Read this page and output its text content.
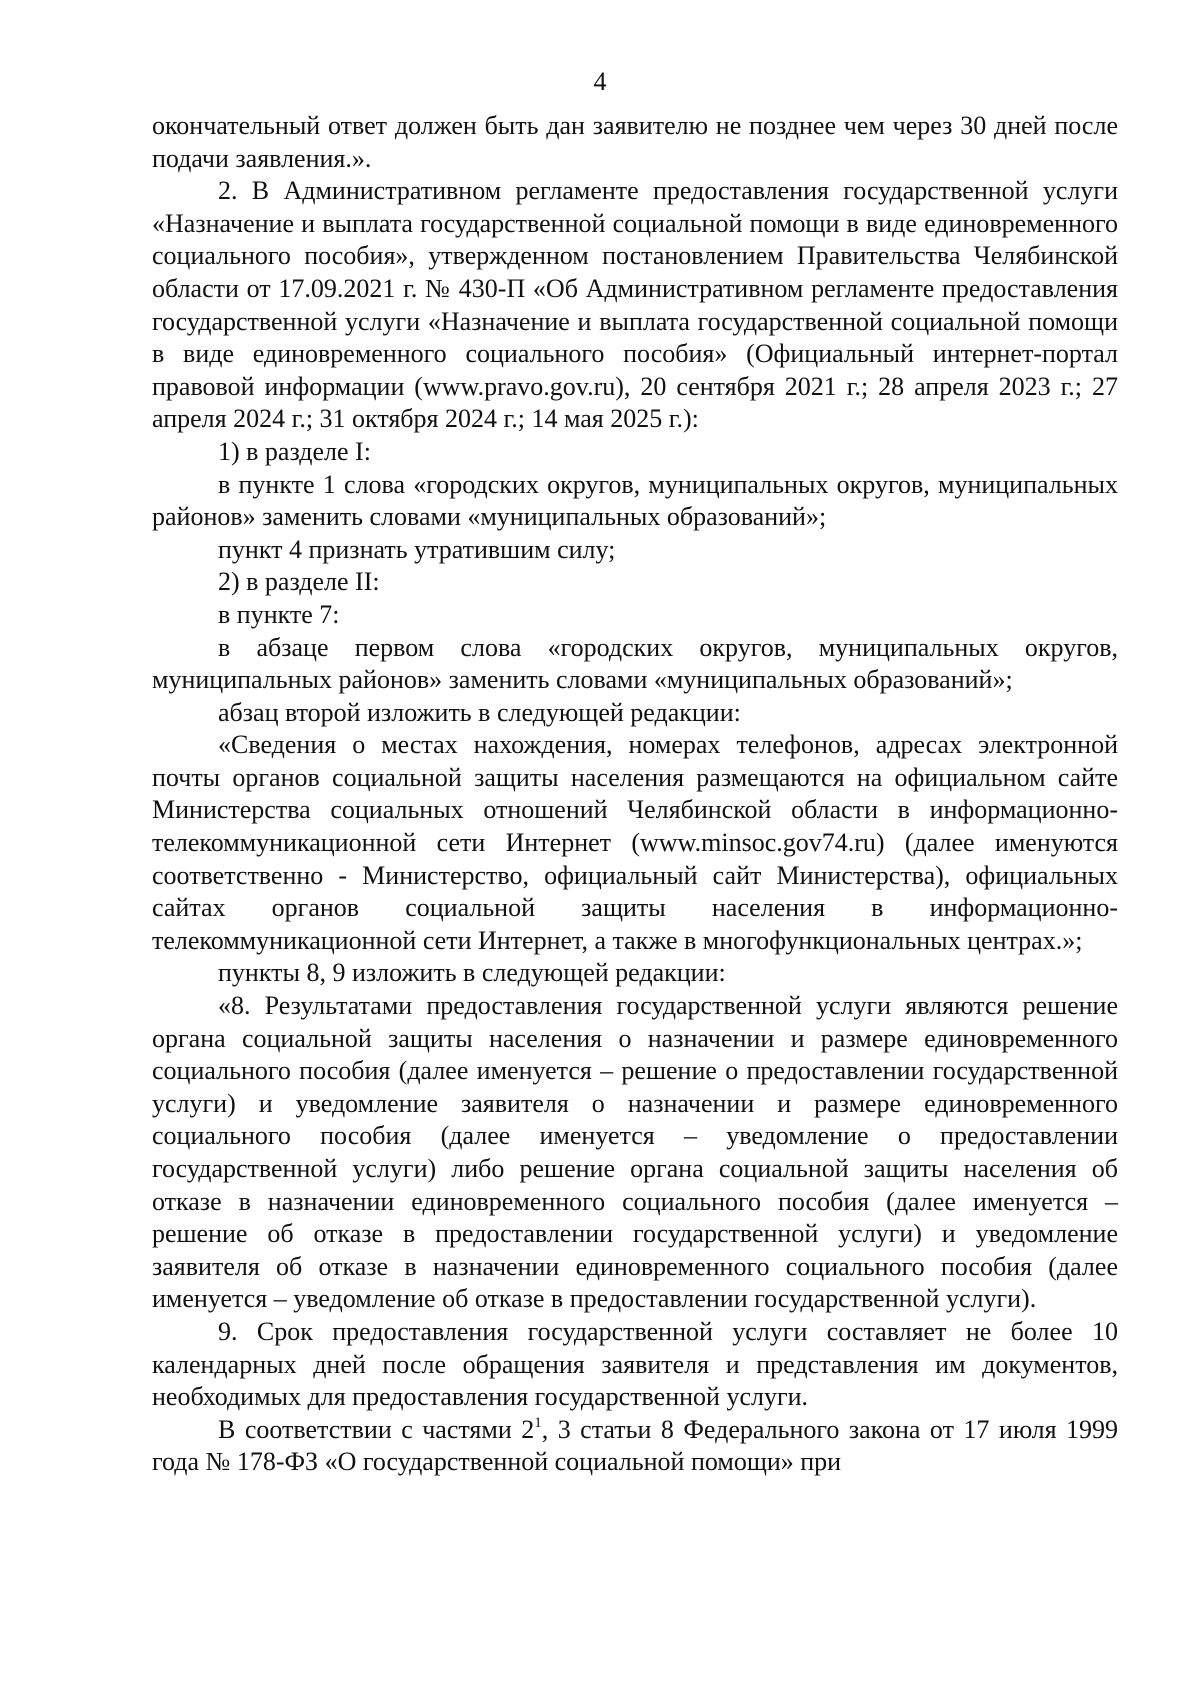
4

окончательный ответ должен быть дан заявителю не позднее чем через 30 дней после подачи заявления.».

2. В Административном регламенте предоставления государственной услуги «Назначение и выплата государственной социальной помощи в виде единовременного социального пособия», утвержденном постановлением Правительства Челябинской области от 17.09.2021 г. № 430-П «Об Административном регламенте предоставления государственной услуги «Назначение и выплата государственной социальной помощи в виде единовременного социального пособия» (Официальный интернет-портал правовой информации (www.pravo.gov.ru), 20 сентября 2021 г.; 28 апреля 2023 г.; 27 апреля 2024 г.; 31 октября 2024 г.; 14 мая 2025 г.):

1) в разделе I:

в пункте 1 слова «городских округов, муниципальных округов, муниципальных районов» заменить словами «муниципальных образований»;

пункт 4 признать утратившим силу;

2) в разделе II:

в пункте 7:

в абзаце первом слова «городских округов, муниципальных округов, муниципальных районов» заменить словами «муниципальных образований»;

абзац второй изложить в следующей редакции:

«Сведения о местах нахождения, номерах телефонов, адресах электронной почты органов социальной защиты населения размещаются на официальном сайте Министерства социальных отношений Челябинской области в информационно-телекоммуникационной сети Интернет (www.minsoc.gov74.ru) (далее именуются соответственно - Министерство, официальный сайт Министерства), официальных сайтах органов социальной защиты населения в информационно-телекоммуникационной сети Интернет, а также в многофункциональных центрах.»;

пункты 8, 9 изложить в следующей редакции:

«8. Результатами предоставления государственной услуги являются решение органа социальной защиты населения о назначении и размере единовременного социального пособия (далее именуется – решение о предоставлении государственной услуги) и уведомление заявителя о назначении и размере единовременного социального пособия (далее именуется – уведомление о предоставлении государственной услуги) либо решение органа социальной защиты населения об отказе в назначении единовременного социального пособия (далее именуется – решение об отказе в предоставлении государственной услуги) и уведомление заявителя об отказе в назначении единовременного социального пособия (далее именуется – уведомление об отказе в предоставлении государственной услуги).

9. Срок предоставления государственной услуги составляет не более 10 календарных дней после обращения заявителя и представления им документов, необходимых для предоставления государственной услуги.

В соответствии с частями $2^1$, 3 статьи 8 Федерального закона от 17 июля 1999 года № 178-ФЗ «О государственной социальной помощи» при
